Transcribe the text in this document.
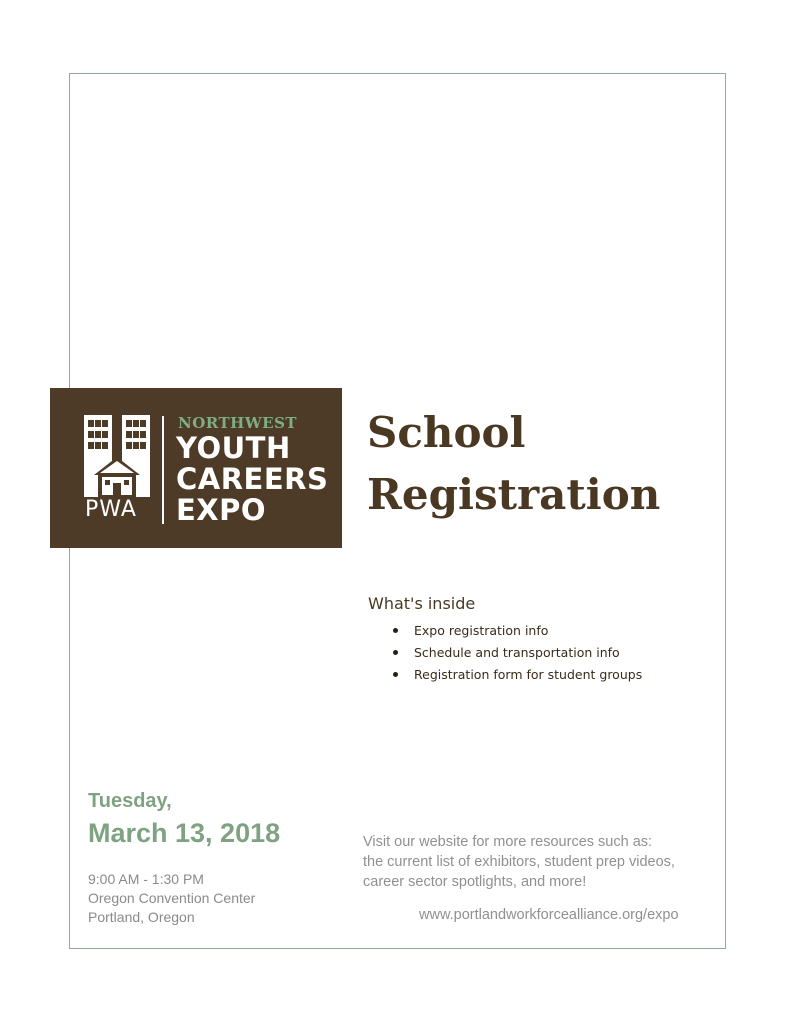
PWA
NORTHWEST
YOUTH
CAREERS
EXPO
School
Registration
What's inside
Expo registration info
Schedule and transportation info
Registration form for student groups
Tuesday,
March 13, 2018
9:00 AM - 1:30 PM
Oregon Convention Center
Portland, Oregon
Visit our website for more resources such as:
the current list of exhibitors, student prep videos,
career sector spotlights, and more!
www.portlandworkforcealliance.org/expo
